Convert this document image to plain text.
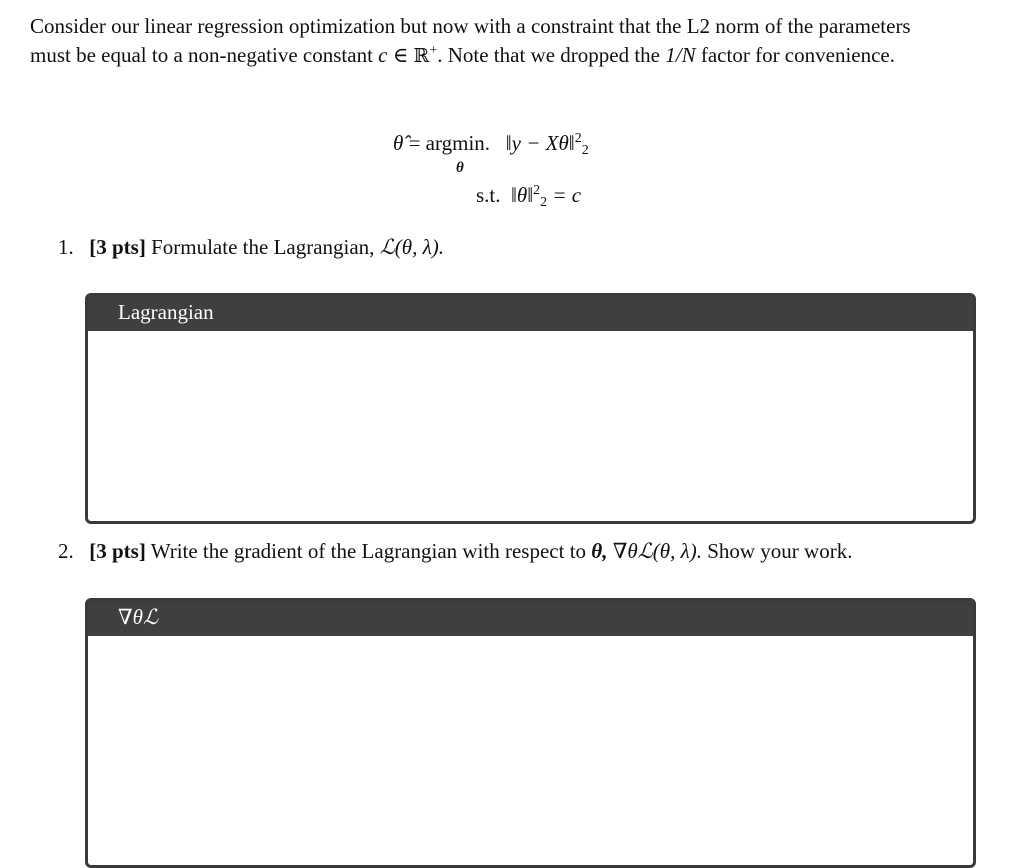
Consider our linear regression optimization but now with a constraint that the L2 norm of the parameters
must be equal to a non-negative constant c ∈ ℝ+. Note that we dropped the 1/N factor for convenience.
θ̂ = argmin. ‖y − Xθ‖$^2_2$
θ
s.t. ‖θ‖$^2_2$ = c
1. [3 pts] Formulate the Lagrangian, ℒ(θ, λ).
Lagrangian
2. [3 pts] Write the gradient of the Lagrangian with respect to θ, ∇θℒ(θ, λ). Show your work.
∇θℒ
